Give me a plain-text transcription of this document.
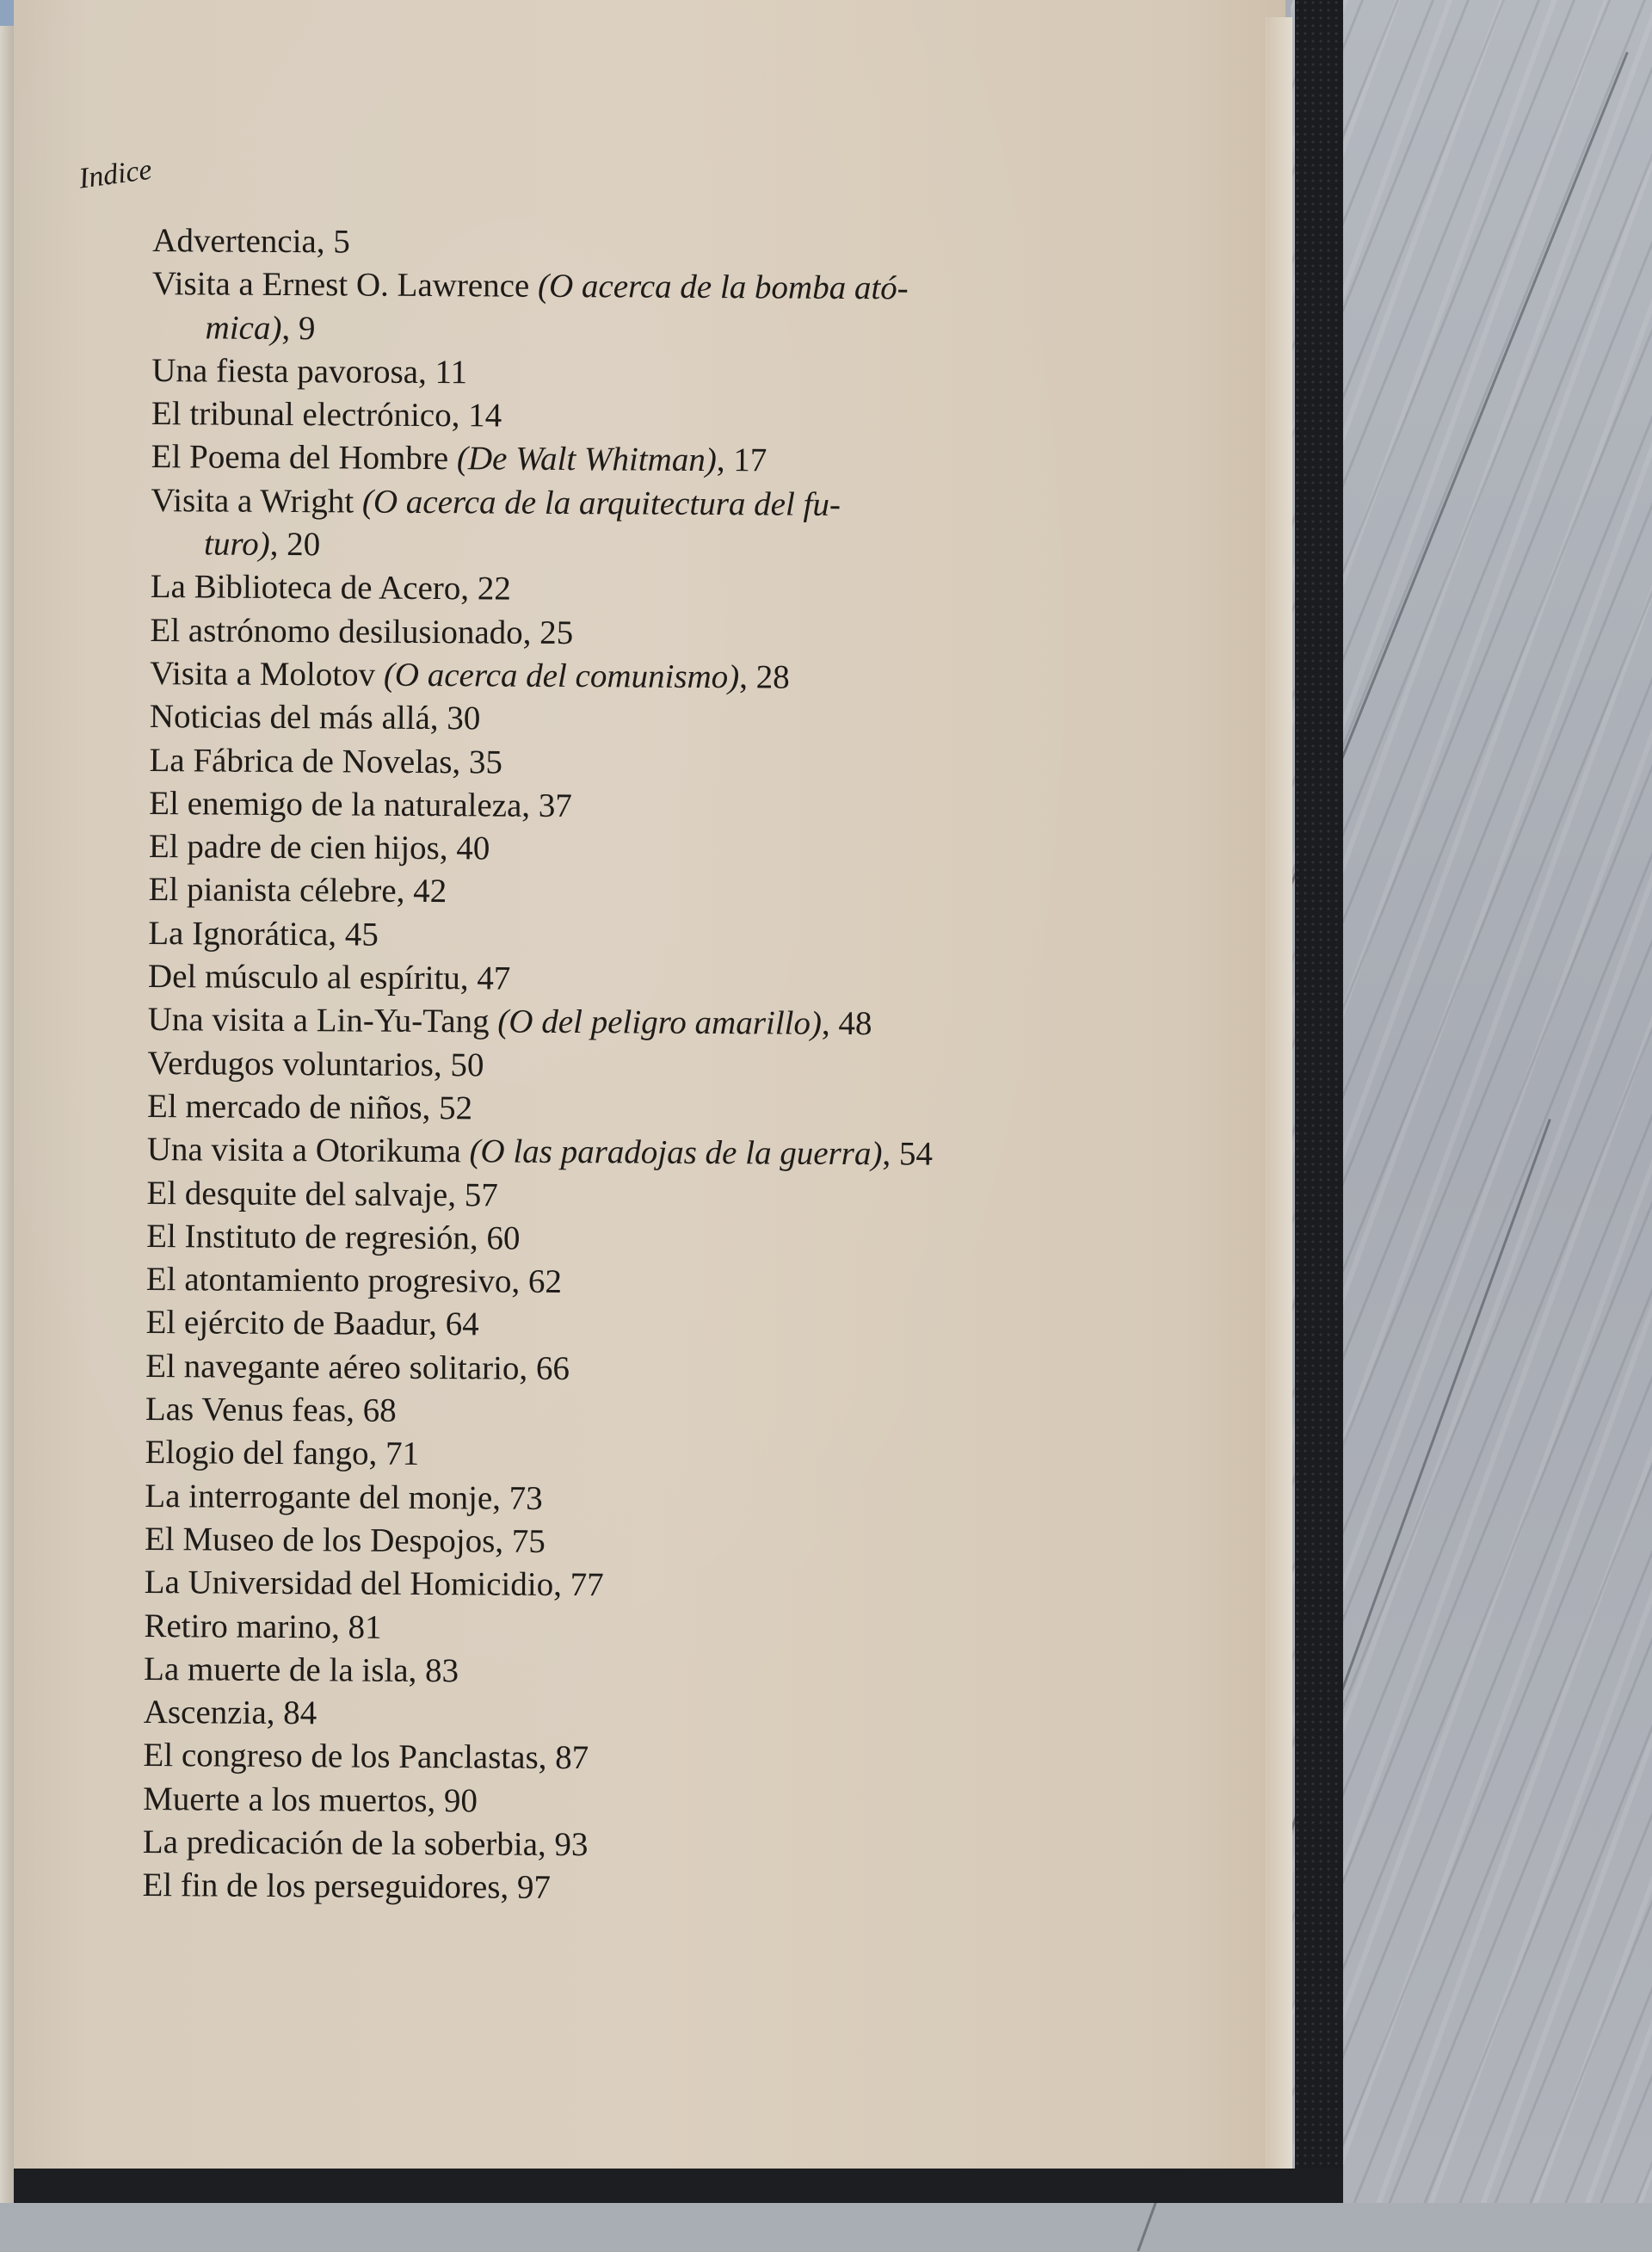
Indice
Advertencia, 5
Visita a Ernest O. Lawrence (O acerca de la bomba ató-
mica), 9
Una fiesta pavorosa, 11
El tribunal electrónico, 14
El Poema del Hombre (De Walt Whitman), 17
Visita a Wright (O acerca de la arquitectura del fu-
turo), 20
La Biblioteca de Acero, 22
El astrónomo desilusionado, 25
Visita a Molotov (O acerca del comunismo), 28
Noticias del más allá, 30
La Fábrica de Novelas, 35
El enemigo de la naturaleza, 37
El padre de cien hijos, 40
El pianista célebre, 42
La Ignorática, 45
Del músculo al espíritu, 47
Una visita a Lin-Yu-Tang (O del peligro amarillo), 48
Verdugos voluntarios, 50
El mercado de niños, 52
Una visita a Otorikuma (O las paradojas de la guerra), 54
El desquite del salvaje, 57
El Instituto de regresión, 60
El atontamiento progresivo, 62
El ejército de Baadur, 64
El navegante aéreo solitario, 66
Las Venus feas, 68
Elogio del fango, 71
La interrogante del monje, 73
El Museo de los Despojos, 75
La Universidad del Homicidio, 77
Retiro marino, 81
La muerte de la isla, 83
Ascenzia, 84
El congreso de los Panclastas, 87
Muerte a los muertos, 90
La predicación de la soberbia, 93
El fin de los perseguidores, 97
